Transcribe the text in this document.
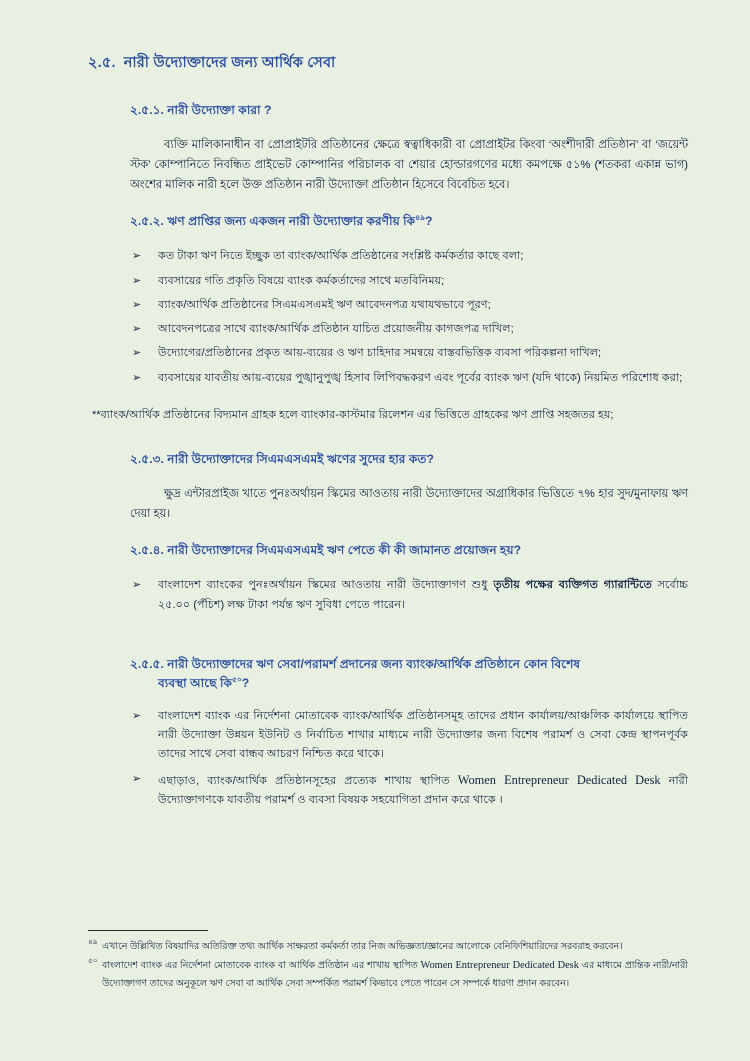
২.৫. নারী উদ্যোক্তাদের জন্য আর্থিক সেবা
২.৫.১. নারী উদ্যোক্তা কারা ?

ব্যক্তি মালিকানাধীন বা প্রোপ্রাইটরি প্রতিষ্ঠানের ক্ষেত্রে স্বত্বাধিকারী বা প্রোপ্রাইটর কিংবা ‘অংশীদারী প্রতিষ্ঠান’ বা ‘জয়েন্ট স্টক’ কোম্পানিতে নিবন্ধিত প্রাইভেট কোম্পানির পরিচালক বা শেয়ার হোল্ডারগণের মধ্যে কমপক্ষে ৫১% (শতকরা একান্ন ভাগ) অংশের মালিক নারী হলে উক্ত প্রতিষ্ঠান নারী উদ্যোক্তা প্রতিষ্ঠান হিসেবে বিবেচিত হবে।

২.৫.২. ঋণ প্রাপ্তির জন্য একজন নারী উদ্যোক্তার করণীয় কি$^{৪৯}$?
➢ কত টাকা ঋণ নিতে ইচ্ছুক তা ব্যাংক/আর্থিক প্রতিষ্ঠানের সংশ্লিষ্ট কর্মকর্তার কাছে বলা;
➢ ব্যবসায়ের গতি প্রকৃতি বিষয়ে ব্যাংক কর্মকর্তাদের সাথে মতবিনিময়;
➢ ব্যাংক/আর্থিক প্রতিষ্ঠানের সিএমএসএমই ঋণ আবেদনপত্র যথাযথভাবে পূরণ;
➢ আবেদনপত্রের সাথে ব্যাংক/আর্থিক প্রতিষ্ঠান যাচিত প্রয়োজনীয় কাগজপত্র দাখিল;
➢ উদ্যোগের/প্রতিষ্ঠানের প্রকৃত আয়-ব্যয়ের ও ঋণ চাহিদার সমন্বয়ে বাস্তবভিত্তিক ব্যবসা পরিকল্পনা দাখিল;
➢ ব্যবসায়ের যাবতীয় আয়-ব্যয়ের পুঙ্খানুপুঙ্খ হিসাব লিপিবদ্ধকরণ এবং পূর্বের ব্যাংক ঋণ (যদি থাকে) নিয়মিত পরিশোধ করা;

**ব্যাংক/আর্থিক প্রতিষ্ঠানের বিদ্যমান গ্রাহক হলে ব্যাংকার-কাস্টমার রিলেশন এর ভিত্তিতে গ্রাহকের ঋণ প্রাপ্তি সহজতর হয়;

২.৫.৩. নারী উদ্যোক্তাদের সিএমএসএমই ঋণের সুদের হার কত?

ক্ষুদ্র এন্টারপ্রাইজ খাতে পুনঃঅর্থায়ন স্কিমের আওতায় নারী উদ্যোক্তাদের অগ্রাধিকার ভিত্তিতে ৭% হার সুদ/মুনাফায় ঋণ দেয়া হয়।

২.৫.৪. নারী উদ্যোক্তাদের সিএমএসএমই ঋণ পেতে কী কী জামানত প্রয়োজন হয়?
➢ বাংলাদেশ ব্যাংকের পুনঃঅর্থায়ন স্কিমের আওতায় নারী উদ্যোক্তাগণ শুধু তৃতীয় পক্ষের ব্যক্তিগত গ্যারান্টিতে সর্বোচ্চ ২৫.০০ (পঁচিশ) লক্ষ টাকা পর্যন্ত ঋণ সুবিধা পেতে পারেন।
২.৫.৫. নারী উদ্যোক্তাদের ঋণ সেবা/পরামর্শ প্রদানের জন্য ব্যাংক/আর্থিক প্রতিষ্ঠানে কোন বিশেষ
ব্যবস্থা আছে কি$^{৫০}$?
➢ বাংলাদেশ ব্যাংক এর নির্দেশনা মোতাবেক ব্যাংক/আর্থিক প্রতিষ্ঠানসমূহ তাদের প্রধান কার্যালয়/আঞ্চলিক কার্যালয়ে স্থাপিত নারী উদ্যোক্তা উন্নয়ন ইউনিট ও নির্বাচিত শাখার মাধ্যমে নারী উদ্যোক্তার জন্য বিশেষ পরামর্শ ও সেবা কেন্দ্র স্থাপনপূর্বক তাদের সাথে সেবা বান্ধব আচরণ নিশ্চিত করে থাকে।
➢ এছাড়াও, ব্যাংক/আর্থিক প্রতিষ্ঠানসূহের প্রত্যেক শাখায় স্থাপিত Women Entrepreneur Dedicated Desk নারী উদ্যোক্তাগণকে যাবতীয় পরামর্শ ও ব্যবসা বিষয়ক সহযোগিতা প্রদান করে থাকে ।
৪৯ এখানে উল্লিখিত বিষয়াদির অতিরিক্ত তথ্য আর্থিক সাক্ষরতা কর্মকর্তা তার নিজ অভিজ্ঞতা/জ্ঞানের আলোকে বেনিফিশিয়ারিদের সরবরাহ করবেন।
৫০ বাংলাদেশ ব্যাংক এর নির্দেশনা মোতাবেক ব্যাংক বা আর্থিক প্রতিষ্ঠান এর শাখায় স্থাপিত Women Entrepreneur Dedicated Desk এর মাধ্যমে প্রান্তিক নারী/নারী উদ্যোক্তাগণ তাদের অনুকূলে ঋণ সেবা বা আর্থিক সেবা সম্পর্কিত পরামর্শ কিভাবে পেতে পারেন সে সম্পর্কে ধারণা প্রদান করবেন।
